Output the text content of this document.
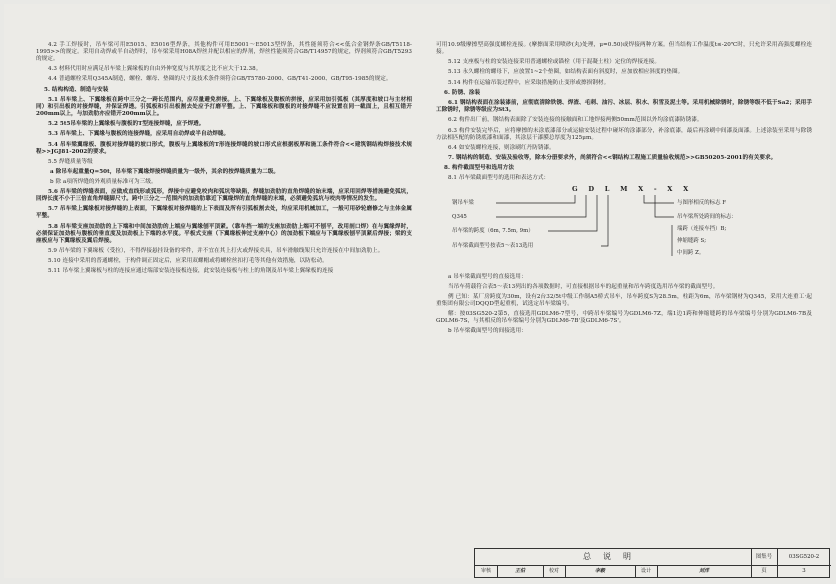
4.2 手工焊接时，吊车梁可用E5015、E5016型焊条，其他构件可用E5001～E5013型焊条，其性能须符合<<低合金钢焊条GB/T5118-1995>>的规定。采用自动焊或半自动焊时，吊车梁采用H08A焊丝并配以相应的焊剂，焊丝性能须符合GB/T14957的规定，焊剂须符合GB/T5293的规定。
4.3 材料代用时应满足吊车梁上翼缘板的自由外伸宽度与其厚度之比不应大于12.38。
4.4 普通螺栓采用Q345A制造，螺栓、螺母、垫圈的尺寸及技术条件须符合GB/T5780-2000、GB/T41-2000、GB/T95-1985的规定。
5. 结构构造、制造与安装
5.1 吊车梁上、下翼缘板在跨中三分之一跨长范围内，应尽量避免拼接。上、下翼缘板及腹板的拼接，应采用加引弧板（其厚度和坡口与主材相同）和引出板的对接焊缝，并保证焊透。引弧板和引出板割去处应予打磨平整。上、下翼缘板和腹板的对接焊缝不应设置在同一截面上，且相互错开200mm以上，与加劲肋亦应错开200mm以上。
5.2 5t5吊车梁的上翼缘板与腹板的T型连接焊缝，应予焊透。
5.3 吊车梁上、下翼缘与腹板的连接焊缝，应采用自动焊或半自动焊缝。
5.4 吊车梁翼缘板、腹板对接焊缝的坡口形式，腹板与上翼缘板的T形连接焊缝的坡口形式应根据板厚和施工条件符合<<建筑钢结构焊接技术规程>>JGJ81-2002的要求。
5.5 焊缝质量等级
a 除吊车起重量Q=50t，吊车梁下翼缘焊接焊缝质量为一级外，其余的按焊缝质量为二级。
b 除 a项所焊缝的外观质量标准可为三级。
5.6 吊车梁的焊缝表面，应做成直线形或弧形，焊接中应避免咬肉和弧坑等缺陷，焊缝加劲肋的直角焊缝的始末端，应采用回焊等措施避免弧坑，回焊长度不小于三倍直角焊缝脚尺寸。跨中三分之一范围内的加劲肋靠近下翼缘焊的直角焊缝的末端，必须避免弧坑与咬肉等情况的发生。
5.7 吊车梁上翼缘板对接焊缝的上表面，下翼缘板对接焊缝的上下表面及所有引弧板割去处，均应采用机械加工，一般可用砂轮磨修之与主体金属平整。
5.8 吊车梁支座加劲肋的上下端和中间加劲肋的上端应与翼缘刨平顶紧。（靠车挡一端的支座加劲肋上端可不刨平，改用剖口焊）在与翼缘焊时，必须保证加劲板与腹板的垂直度及加劲板上下端的水平度。平板式支座（下翼缘板伸过支座中心）的加劲板下端应与下翼缘板刨平顶紧后焊接；梁的支座板应与下翼缘板及翼后焊接。
5.9 吊车梁的下翼缘板（受拉），不得焊接悬挂设备的零件，并不宜在其上打火或焊接夹具，吊车滑触线架只允许连接在中间加劲肋上。
5.10 连接中采用的普通螺栓，于构件调正固定后，应采用双螺帽或将螺栓丝扣打毛等其他有效措施，以防松动。
5.11 吊车梁上翼缘板与柱的连接应通过端部安装连接板连接，此安装连接板与柱上的角钢及吊车梁上翼缘板的连接
可用10.9级摩擦型高强度螺栓连接。(摩擦面采用喷砂(丸)处理，μ=0.50)或焊接两种方案。但当结构工作温度t≤-20℃时，只允许采用高强度螺栓连接。
5.12 支座板与柱的安装连接采用普通螺栓或锚栓（用于混凝土柱）定位的焊接连接。
5.13 永久螺栓的螺母下，应放置1~2个垫圈，如结构表面有斜度时，应加放相应斜度的垫圈。
5.14 构件在运输吊装过程中，应采取措施防止变形或擦损钢材。
6. 防锈、涂装
6.1 钢结构表面在涂装漆前，应彻底清除铁锈、焊渣、毛刺、油污、冰层、积水、积雪及泥土等。采用机械除锈时，除锈等级不低于Sa2；采用手工除锈时，除锈等级应为St3。
6.2 构件出厂前，钢结构表面除了安装连接的接触面和工地焊接两侧50mm范围以外均涂底漆防锈漆。
6.3 构件安装完毕后，应将摩擦的未涂底漆部分或运输安装过程中碰坏的涂漆部分，补涂底漆，最后再涂刷中间漆及面漆。上述涂装至采用与除锈方法相匹配的防锈底漆和面漆，其涂层干漆膜总厚度为125μm。
6.4 如安装螺栓连接，则涂刷红丹防锈漆。
7. 钢结构的制造、安装及验收等，除本分册要求外，尚须符合<<钢结构工程施工质量验收规范>>GB50205-2001的有关要求。
8. 构件截面型号和选用方法
8.1 吊车梁截面型号的选用和表达方式：
G D L M X - X X
钢吊车梁
Q345
吊车梁的跨度（6m, 7.5m, 9m）
吊车梁截面型号按表5～表13选用
与图形相反的标志 F
吊车梁所处跨间的标志：
端跨（连接车挡）B;
伸缩缝跨 S;
中间跨 Z。
a 吊车梁截面型号的直接选用：
当吊车荷载符合表5～表13列出的各项数据时，可直接根据吊车的起重量和吊车跨度选用吊车梁的截面型号。
例 已知：某厂房跨度为30m，设有2台32/5t中级工作制A5桥式吊车，吊车跨度S为28.5m，柱距为6m，吊车梁钢材为Q345，采用大连重工·起重集团有限公司DQQD型起重机，试选定吊车梁编号。
解：按03SG520-2第5，直接选用GDLM6-7型号，中跨吊车梁编号为GDLM6-7Z，端1边1跨和伸缩缝跨的吊车梁编号分别为GDLM6-7B及GDLM6-7S，与其相反的吊车梁编号分别为GDLM6-7B'及GDLM6-7S'。
b 吊车梁截面型号的间接选用：
总说明	图集号	03SG520-2
审核	王伯	校对	李毅	设计	刘洋	页	3
